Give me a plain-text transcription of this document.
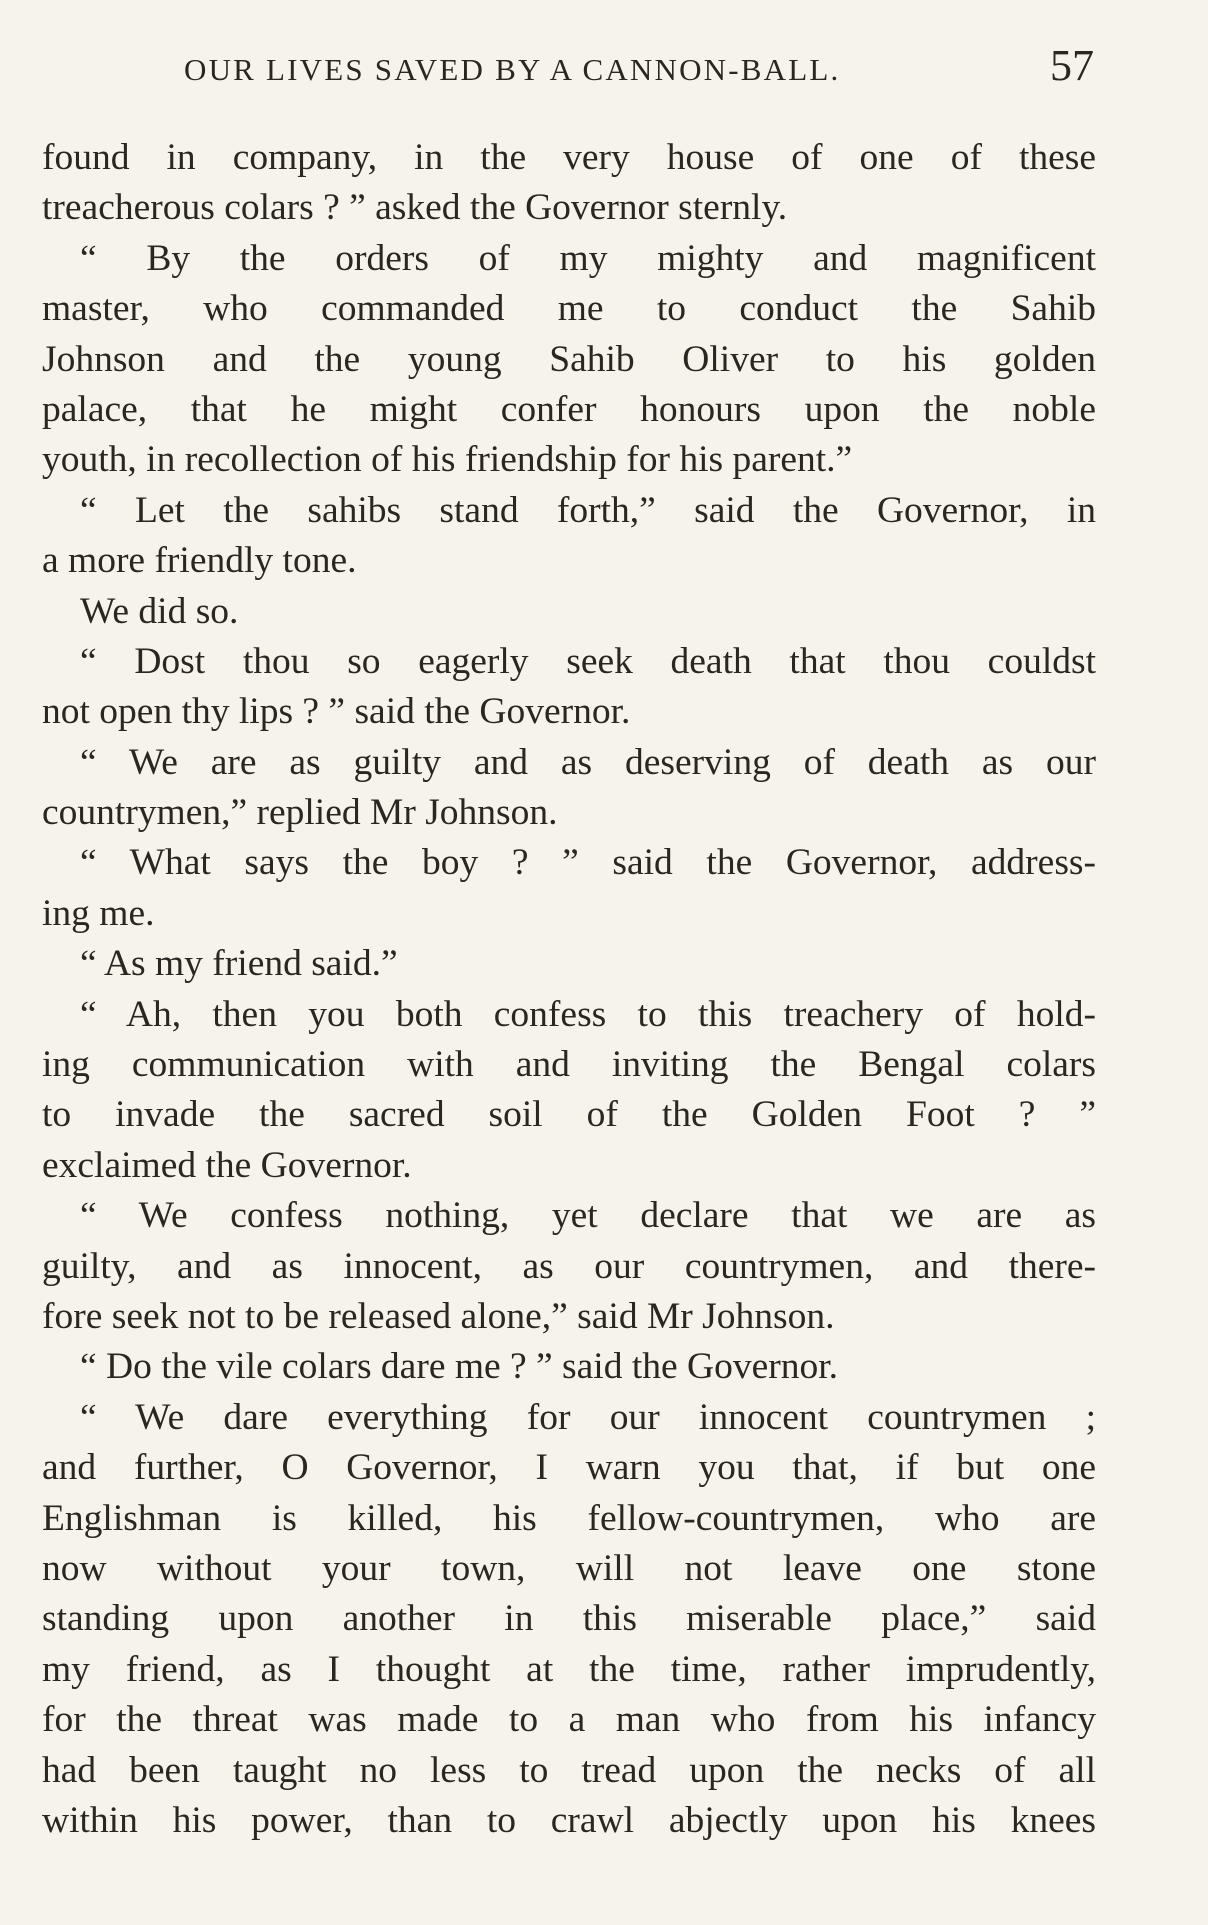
OUR LIVES SAVED BY A CANNON-BALL.	57
found in company, in the very house of one of these
treacherous colars ? ” asked the Governor sternly.
“ By the orders of my mighty and magnificent
master, who commanded me to conduct the Sahib
Johnson and the young Sahib Oliver to his golden
palace, that he might confer honours upon the noble
youth, in recollection of his friendship for his parent.”
“ Let the sahibs stand forth,” said the Governor, in
a more friendly tone.
We did so.
“ Dost thou so eagerly seek death that thou couldst
not open thy lips ? ” said the Governor.
“ We are as guilty and as deserving of death as our
countrymen,” replied Mr Johnson.
“ What says the boy ? ” said the Governor, address-
ing me.
“ As my friend said.”
“ Ah, then you both confess to this treachery of hold-
ing communication with and inviting the Bengal colars
to invade the sacred soil of the Golden Foot ? ”
exclaimed the Governor.
“ We confess nothing, yet declare that we are as
guilty, and as innocent, as our countrymen, and there-
fore seek not to be released alone,” said Mr Johnson.
“ Do the vile colars dare me ? ” said the Governor.
“ We dare everything for our innocent countrymen ;
and further, O Governor, I warn you that, if but one
Englishman is killed, his fellow-countrymen, who are
now without your town, will not leave one stone
standing upon another in this miserable place,” said
my friend, as I thought at the time, rather imprudently,
for the threat was made to a man who from his infancy
had been taught no less to tread upon the necks of all
within his power, than to crawl abjectly upon his knees
